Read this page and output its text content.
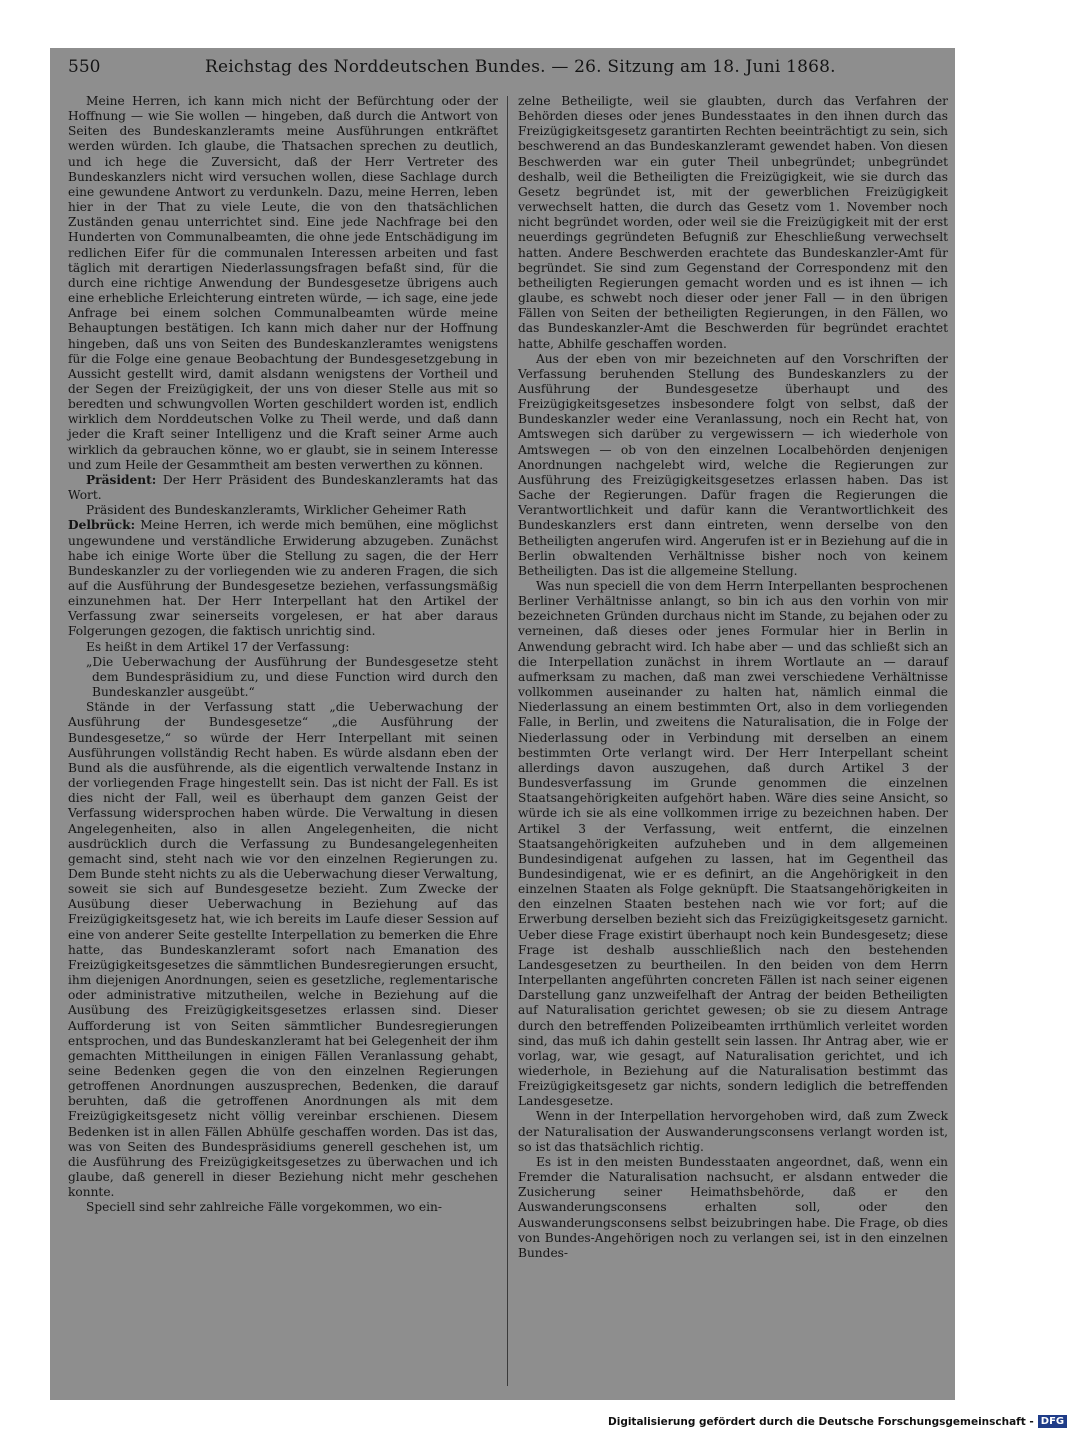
550	Reichstag des Norddeutschen Bundes. — 26. Sitzung am 18. Juni 1868.

Meine Herren, ich kann mich nicht der Befürchtung oder der Hoffnung — wie Sie wollen — hingeben, daß durch die Antwort von Seiten des Bundeskanzleramts meine Ausführungen entkräftet werden würden. Ich glaube, die Thatsachen sprechen zu deutlich, und ich hege die Zuversicht, daß der Herr Vertreter des Bundeskanzlers nicht wird versuchen wollen, diese Sachlage durch eine gewundene Antwort zu verdunkeln. Dazu, meine Herren, leben hier in der That zu viele Leute, die von den thatsächlichen Zuständen genau unterrichtet sind. Eine jede Nachfrage bei den Hunderten von Communalbeamten, die ohne jede Entschädigung im redlichen Eifer für die communalen Interessen arbeiten und fast täglich mit derartigen Niederlassungsfragen befaßt sind, für die durch eine richtige Anwendung der Bundesgesetze übrigens auch eine erhebliche Erleichterung eintreten würde, — ich sage, eine jede Anfrage bei einem solchen Communalbeamten würde meine Behauptungen bestätigen. Ich kann mich daher nur der Hoffnung hingeben, daß uns von Seiten des Bundeskanzleramtes wenigstens für die Folge eine genaue Beobachtung der Bundesgesetzgebung in Aussicht gestellt wird, damit alsdann wenigstens der Vortheil und der Segen der Freizügigkeit, der uns von dieser Stelle aus mit so beredten und schwungvollen Worten geschildert worden ist, endlich wirklich dem Norddeutschen Volke zu Theil werde, und daß dann jeder die Kraft seiner Intelligenz und die Kraft seiner Arme auch wirklich da gebrauchen könne, wo er glaubt, sie in seinem Interesse und zum Heile der Gesammtheit am besten verwerthen zu können.

Präsident: Der Herr Präsident des Bundeskanzleramts hat das Wort.

Präsident des Bundeskanzleramts, Wirklicher Geheimer Rath

Delbrück: Meine Herren, ich werde mich bemühen, eine möglichst ungewundene und verständliche Erwiderung abzugeben. Zunächst habe ich einige Worte über die Stellung zu sagen, die der Herr Bundeskanzler zu der vorliegenden wie zu anderen Fragen, die sich auf die Ausführung der Bundesgesetze beziehen, verfassungsmäßig einzunehmen hat. Der Herr Interpellant hat den Artikel der Verfassung zwar seinerseits vorgelesen, er hat aber daraus Folgerungen gezogen, die faktisch unrichtig sind.

Es heißt in dem Artikel 17 der Verfassung:

„Die Ueberwachung der Ausführung der Bundesgesetze steht dem Bundespräsidium zu, und diese Function wird durch den Bundeskanzler ausgeübt.“

Stände in der Verfassung statt „die Ueberwachung der Ausführung der Bundesgesetze“ „die Ausführung der Bundesgesetze,“ so würde der Herr Interpellant mit seinen Ausführungen vollständig Recht haben. Es würde alsdann eben der Bund als die ausführende, als die eigentlich verwaltende Instanz in der vorliegenden Frage hingestellt sein. Das ist nicht der Fall. Es ist dies nicht der Fall, weil es überhaupt dem ganzen Geist der Verfassung widersprochen haben würde. Die Verwaltung in diesen Angelegenheiten, also in allen Angelegenheiten, die nicht ausdrücklich durch die Verfassung zu Bundesangelegenheiten gemacht sind, steht nach wie vor den einzelnen Regierungen zu. Dem Bunde steht nichts zu als die Ueberwachung dieser Verwaltung, soweit sie sich auf Bundesgesetze bezieht. Zum Zwecke der Ausübung dieser Ueberwachung in Beziehung auf das Freizügigkeitsgesetz hat, wie ich bereits im Laufe dieser Session auf eine von anderer Seite gestellte Interpellation zu bemerken die Ehre hatte, das Bundeskanzleramt sofort nach Emanation des Freizügigkeitsgesetzes die sämmtlichen Bundesregierungen ersucht, ihm diejenigen Anordnungen, seien es gesetzliche, reglementarische oder administrative mitzutheilen, welche in Beziehung auf die Ausübung des Freizügigkeitsgesetzes erlassen sind. Dieser Aufforderung ist von Seiten sämmtlicher Bundesregierungen entsprochen, und das Bundeskanzleramt hat bei Gelegenheit der ihm gemachten Mittheilungen in einigen Fällen Veranlassung gehabt, seine Bedenken gegen die von den einzelnen Regierungen getroffenen Anordnungen auszusprechen, Bedenken, die darauf beruhten, daß die getroffenen Anordnungen als mit dem Freizügigkeitsgesetz nicht völlig vereinbar erschienen. Diesem Bedenken ist in allen Fällen Abhülfe geschaffen worden. Das ist das, was von Seiten des Bundespräsidiums generell geschehen ist, um die Ausführung des Freizügigkeitsgesetzes zu überwachen und ich glaube, daß generell in dieser Beziehung nicht mehr geschehen konnte.

Speciell sind sehr zahlreiche Fälle vorgekommen, wo ein-

zelne Betheiligte, weil sie glaubten, durch das Verfahren der Behörden dieses oder jenes Bundesstaates in den ihnen durch das Freizügigkeitsgesetz garantirten Rechten beeinträchtigt zu sein, sich beschwerend an das Bundeskanzleramt gewendet haben. Von diesen Beschwerden war ein guter Theil unbegründet; unbegründet deshalb, weil die Betheiligten die Freizügigkeit, wie sie durch das Gesetz begründet ist, mit der gewerblichen Freizügigkeit verwechselt hatten, die durch das Gesetz vom 1. November noch nicht begründet worden, oder weil sie die Freizügigkeit mit der erst neuerdings gegründeten Befugniß zur Eheschließung verwechselt hatten. Andere Beschwerden erachtete das Bundeskanzler-Amt für begründet. Sie sind zum Gegenstand der Correspondenz mit den betheiligten Regierungen gemacht worden und es ist ihnen — ich glaube, es schwebt noch dieser oder jener Fall — in den übrigen Fällen von Seiten der betheiligten Regierungen, in den Fällen, wo das Bundeskanzler-Amt die Beschwerden für begründet erachtet hatte, Abhilfe geschaffen worden.

Aus der eben von mir bezeichneten auf den Vorschriften der Verfassung beruhenden Stellung des Bundeskanzlers zu der Ausführung der Bundesgesetze überhaupt und des Freizügigkeitsgesetzes insbesondere folgt von selbst, daß der Bundeskanzler weder eine Veranlassung, noch ein Recht hat, von Amtswegen sich darüber zu vergewissern — ich wiederhole von Amtswegen — ob von den einzelnen Localbehörden denjenigen Anordnungen nachgelebt wird, welche die Regierungen zur Ausführung des Freizügigkeitsgesetzes erlassen haben. Das ist Sache der Regierungen. Dafür fragen die Regierungen die Verantwortlichkeit und dafür kann die Verantwortlichkeit des Bundeskanzlers erst dann eintreten, wenn derselbe von den Betheiligten angerufen wird. Angerufen ist er in Beziehung auf die in Berlin obwaltenden Verhältnisse bisher noch von keinem Betheiligten. Das ist die allgemeine Stellung.

Was nun speciell die von dem Herrn Interpellanten besprochenen Berliner Verhältnisse anlangt, so bin ich aus den vorhin von mir bezeichneten Gründen durchaus nicht im Stande, zu bejahen oder zu verneinen, daß dieses oder jenes Formular hier in Berlin in Anwendung gebracht wird. Ich habe aber — und das schließt sich an die Interpellation zunächst in ihrem Wortlaute an — darauf aufmerksam zu machen, daß man zwei verschiedene Verhältnisse vollkommen auseinander zu halten hat, nämlich einmal die Niederlassung an einem bestimmten Ort, also in dem vorliegenden Falle, in Berlin, und zweitens die Naturalisation, die in Folge der Niederlassung oder in Verbindung mit derselben an einem bestimmten Orte verlangt wird. Der Herr Interpellant scheint allerdings davon auszugehen, daß durch Artikel 3 der Bundesverfassung im Grunde genommen die einzelnen Staatsangehörigkeiten aufgehört haben. Wäre dies seine Ansicht, so würde ich sie als eine vollkommen irrige zu bezeichnen haben. Der Artikel 3 der Verfassung, weit entfernt, die einzelnen Staatsangehörigkeiten aufzuheben und in dem allgemeinen Bundesindigenat aufgehen zu lassen, hat im Gegentheil das Bundesindigenat, wie er es definirt, an die Angehörigkeit in den einzelnen Staaten als Folge geknüpft. Die Staatsangehörigkeiten in den einzelnen Staaten bestehen nach wie vor fort; auf die Erwerbung derselben bezieht sich das Freizügigkeitsgesetz garnicht. Ueber diese Frage existirt überhaupt noch kein Bundesgesetz; diese Frage ist deshalb ausschließlich nach den bestehenden Landesgesetzen zu beurtheilen. In den beiden von dem Herrn Interpellanten angeführten concreten Fällen ist nach seiner eigenen Darstellung ganz unzweifelhaft der Antrag der beiden Betheiligten auf Naturalisation gerichtet gewesen; ob sie zu diesem Antrage durch den betreffenden Polizeibeamten irrthümlich verleitet worden sind, das muß ich dahin gestellt sein lassen. Ihr Antrag aber, wie er vorlag, war, wie gesagt, auf Naturalisation gerichtet, und ich wiederhole, in Beziehung auf die Naturalisation bestimmt das Freizügigkeitsgesetz gar nichts, sondern lediglich die betreffenden Landesgesetze.

Wenn in der Interpellation hervorgehoben wird, daß zum Zweck der Naturalisation der Auswanderungsconsens verlangt worden ist, so ist das thatsächlich richtig.

Es ist in den meisten Bundesstaaten angeordnet, daß, wenn ein Fremder die Naturalisation nachsucht, er alsdann entweder die Zusicherung seiner Heimathsbehörde, daß er den Auswanderungsconsens erhalten soll, oder den Auswanderungsconsens selbst beizubringen habe. Die Frage, ob dies von Bundes-Angehörigen noch zu verlangen sei, ist in den einzelnen Bundes-

Digitalisierung gefördert durch die Deutsche Forschungsgemeinschaft - DFG
